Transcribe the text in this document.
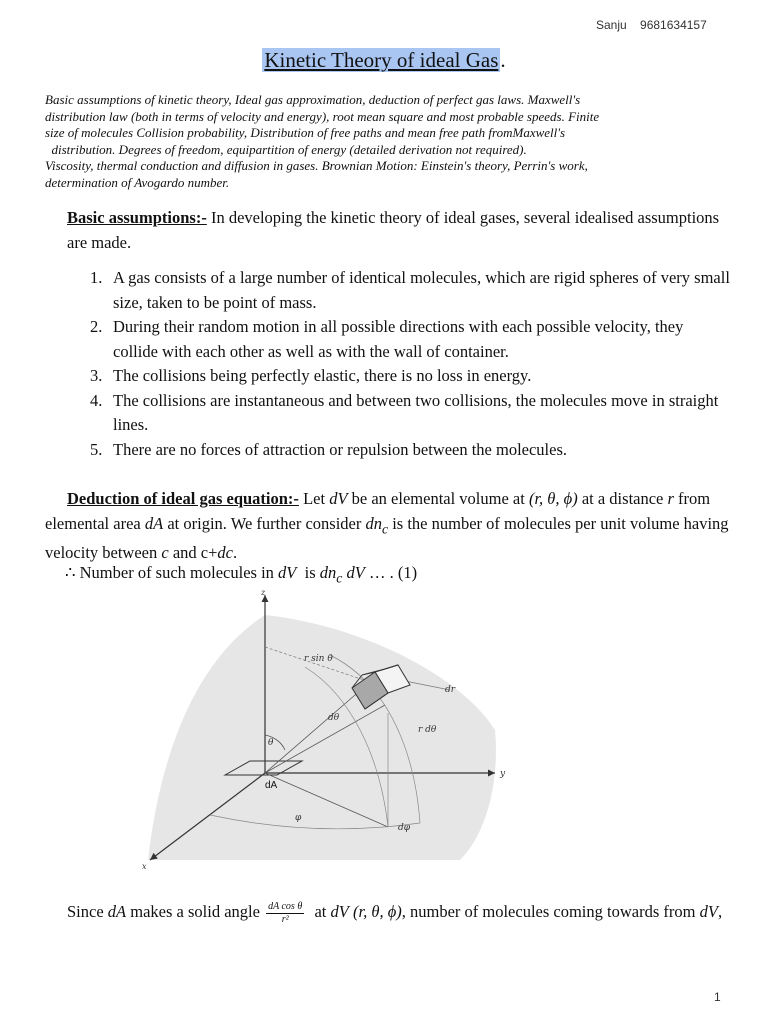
Sanju    9681634157
Kinetic Theory of ideal Gas.
Basic assumptions of kinetic theory, Ideal gas approximation, deduction of perfect gas laws. Maxwell's
distribution law (both in terms of velocity and energy), root mean square and most probable speeds. Finite
size of molecules Collision probability, Distribution of free paths and mean free path fromMaxwell's
distribution. Degrees of freedom, equipartition of energy (detailed derivation not required).
Viscosity, thermal conduction and diffusion in gases. Brownian Motion: Einstein's theory, Perrin's work,
determination of Avogardo number.
Basic assumptions:- In developing the kinetic theory of ideal gases, several idealised assumptions are made.
1. A gas consists of a large number of identical molecules, which are rigid spheres of very small size, taken to be point of mass.
2. During their random motion in all possible directions with each possible velocity, they collide with each other as well as with the wall of container.
3. The collisions being perfectly elastic, there is no loss in energy.
4. The collisions are instantaneous and between two collisions, the molecules move in straight lines.
5. There are no forces of attraction or repulsion between the molecules.
Deduction of ideal gas equation:- Let dV be an elemental volume at (r, θ, ϕ) at a distance r from elemental area dA at origin. We further consider $dn_c$ is the number of molecules per unit volume having velocity between c and c+dc.
∴ Number of such molecules in dV  is $dn_c$ dV … . (1)
z
y
x
r sin θ
dr
dθ
r dθ
θ
dA
φ
dφ
Since dA makes a solid angle $\frac{\text{dA cos θ}}{\text{r²}}$ at dV (r, θ, ϕ), number of molecules coming towards from dV,
1
